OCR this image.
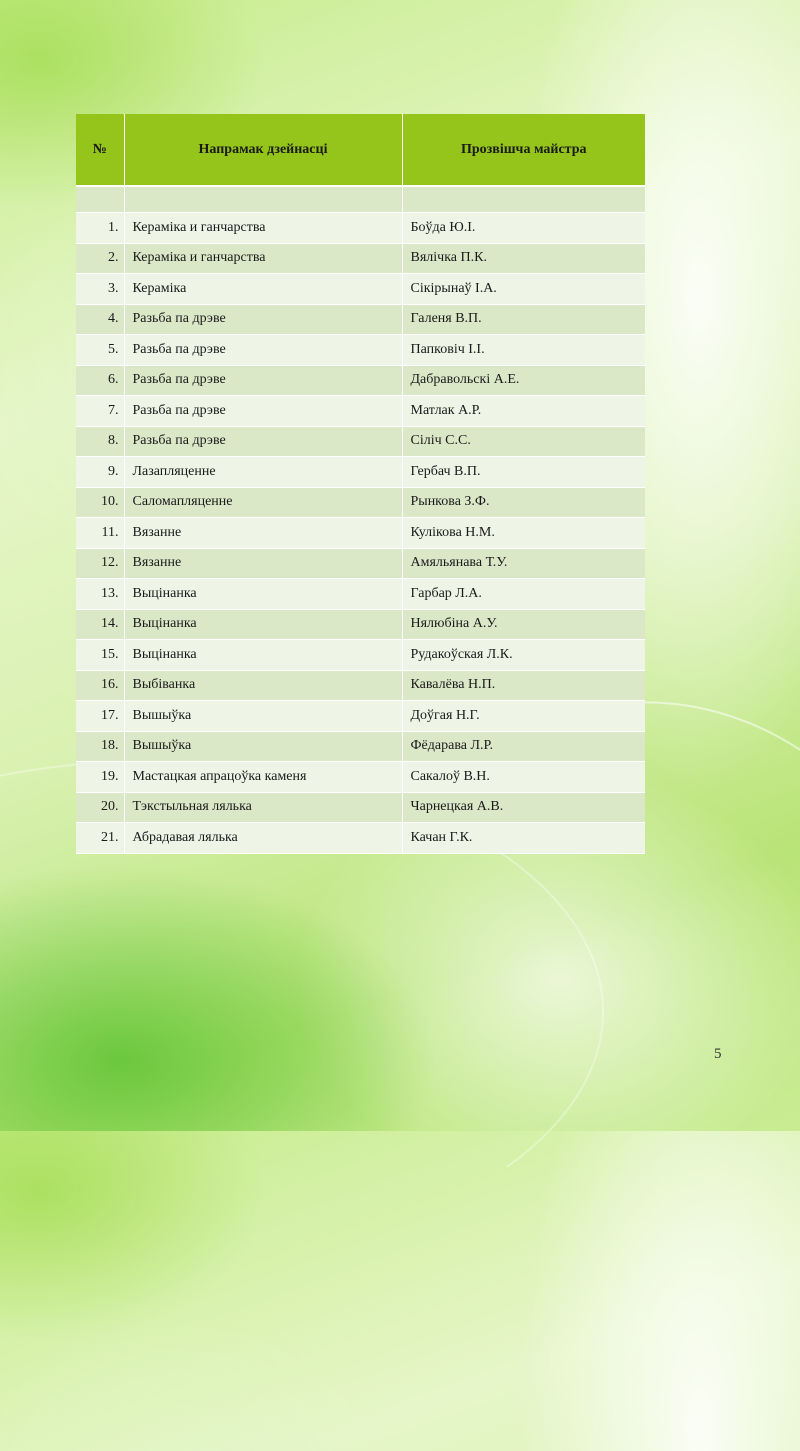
№	Напрамак дзейнасці	Прозвішча майстра

1.	Кераміка и ганчарства	Боўда Ю.І.
2.	Кераміка и ганчарства	Вялічка П.К.
3.	Кераміка	Сікірынаў І.А.
4.	Разьба па дрэве	Галеня В.П.
5.	Разьба па дрэве	Папковіч І.І.
6.	Разьба па дрэве	Дабравольскі А.Е.
7.	Разьба па дрэве	Матлак А.Р.
8.	Разьба па дрэве	Сіліч С.С.
9.	Лазапляценне	Гербач В.П.
10.	Саломапляценне	Рынкова З.Ф.
11.	Вязанне	Кулікова Н.М.
12.	Вязанне	Амяльянава Т.У.
13.	Выцінанка	Гарбар Л.А.
14.	Выцінанка	Нялюбіна А.У.
15.	Выцінанка	Рудакоўская Л.К.
16.	Выбіванка	Кавалёва Н.П.
17.	Вышыўка	Доўгая Н.Г.
18.	Вышыўка	Фёдарава Л.Р.
19.	Мастацкая апрацоўка каменя	Сакалоў В.Н.
20.	Тэкстыльная лялька	Чарнецкая А.В.
21.	Абрадавая лялька	Качан Г.К.
5
